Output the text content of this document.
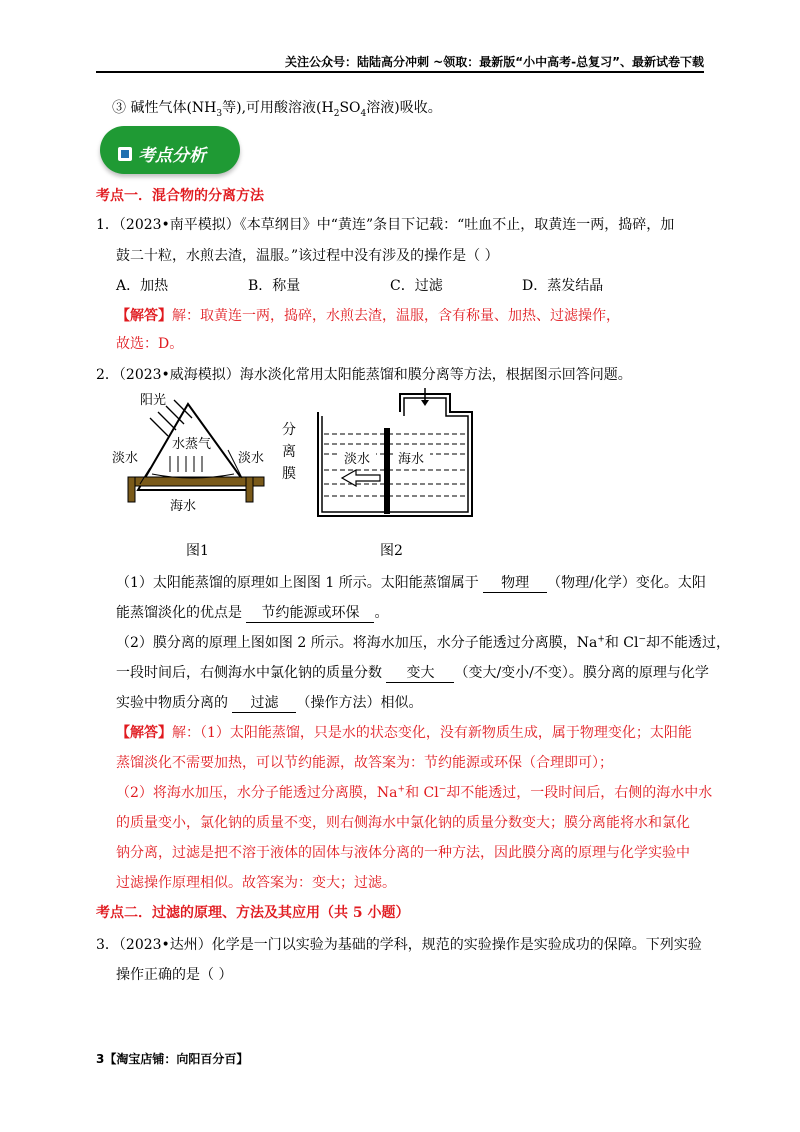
关注公众号：陆陆高分冲刺 ~领取：最新版“小中高考-总复习”、最新试卷下载
③ 碱性气体($NH_3$等),可用酸溶液($H_2SO_4$溶液)吸收。
考点分析
考点一．混合物的分离方法
1．（2023•南平模拟）《本草纲目》中“黄连”条目下记载：“吐血不止，取黄连一两，捣碎，加
鼓二十粒，水煎去渣，温服。”该过程中没有涉及的操作是（ ）
A．加热	B．称量	C．过滤	D．蒸发结晶
【解答】解：取黄连一两，捣碎，水煎去渣，温服，含有称量、加热、过滤操作，
故选：D。
2．（2023•威海模拟）海水淡化常用太阳能蒸馏和膜分离等方法，根据图示回答问题。
阳光
水蒸气
淡水	淡水
海水
淡水 海水
分
离
膜
图1	图2
（1）太阳能蒸馏的原理如上图图 1 所示。太阳能蒸馏属于 物理 （物理/化学）变化。太阳
能蒸馏淡化的优点是 节约能源或环保 。
（2）膜分离的原理上图如图 2 所示。将海水加压，水分子能透过分离膜，Na+和 Cl−却不能透过，
一段时间后，右侧海水中氯化钠的质量分数 变大 （变大/变小/不变）。膜分离的原理与化学
实验中物质分离的 过滤 （操作方法）相似。
【解答】解：（1）太阳能蒸馏，只是水的状态变化，没有新物质生成，属于物理变化；太阳能
蒸馏淡化不需要加热，可以节约能源，故答案为：节约能源或环保（合理即可）；
（2）将海水加压，水分子能透过分离膜，Na+和 Cl−却不能透过，一段时间后，右侧的海水中水
的质量变小，氯化钠的质量不变，则右侧海水中氯化钠的质量分数变大；膜分离能将水和氯化
钠分离，过滤是把不溶于液体的固体与液体分离的一种方法，因此膜分离的原理与化学实验中
过滤操作原理相似。故答案为：变大；过滤。
考点二．过滤的原理、方法及其应用（共 5 小题）
3．（2023•达州）化学是一门以实验为基础的学科，规范的实验操作是实验成功的保障。下列实验
操作正确的是（ ）
3【淘宝店铺：向阳百分百】
